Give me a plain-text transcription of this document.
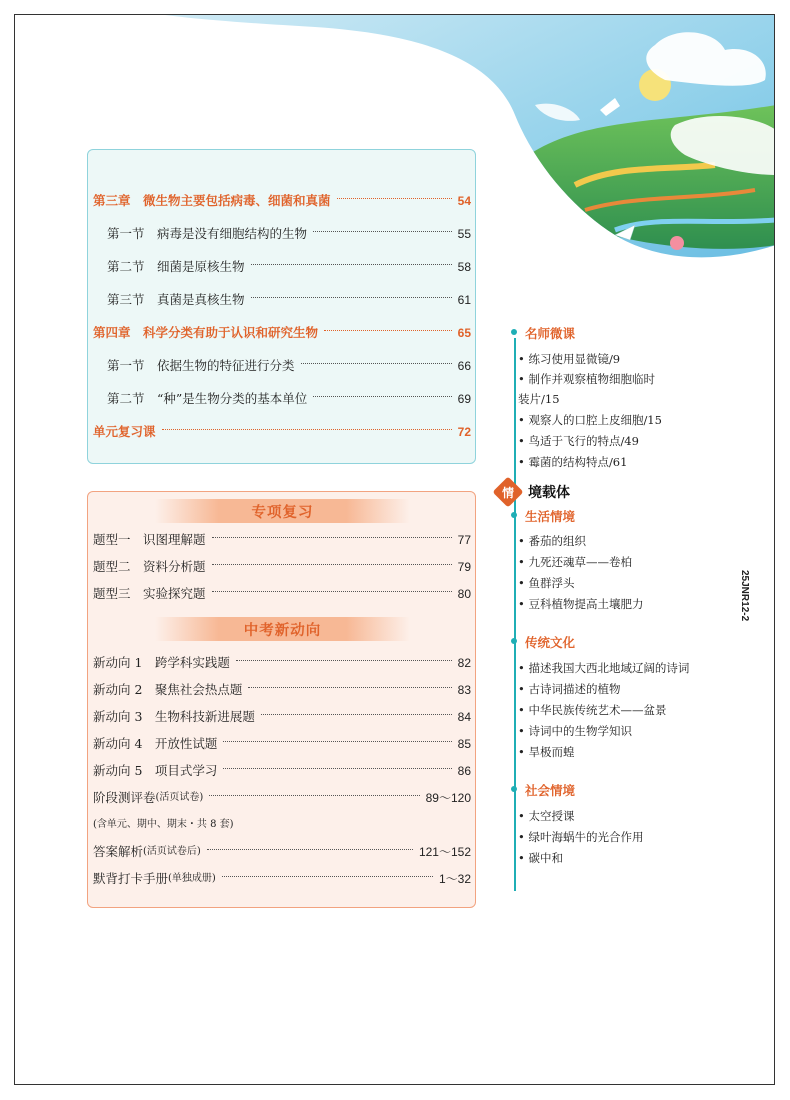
第三章　微生物主要包括病毒、细菌和真菌	54
第一节　病毒是没有细胞结构的生物	55
第二节　细菌是原核生物	58
第三节　真菌是真核生物	61
第四章　科学分类有助于认识和研究生物	65
第一节　依据生物的特征进行分类	66
第二节　“种”是生物分类的基本单位	69
单元复习课	72
专项复习
题型一　识图理解题	77
题型二　资料分析题	79
题型三　实验探究题	80
中考新动向
新动向 1　跨学科实践题	82
新动向 2　聚焦社会热点题	83
新动向 3　生物科技新进展题	84
新动向 4　开放性试题	85
新动向 5　项目式学习	86
阶段测评卷 (活页试卷)	89～120
(含单元、期中、期末・共 8 套)
答案解析 (活页试卷后)	121～152
默背打卡手册 (单独成册)	1～32
名师微课
• 练习使用显微镜/9
• 制作并观察植物细胞临时
装片/15
• 观察人的口腔上皮细胞/15
• 鸟适于飞行的特点/49
• 霉菌的结构特点/61
情	境载体
生活情境
• 番茄的组织
• 九死还魂草——卷柏
• 鱼群浮头
• 豆科植物提高土壤肥力
传统文化
• 描述我国大西北地域辽阔的诗词
• 古诗词描述的植物
• 中华民族传统艺术——盆景
• 诗词中的生物学知识
• 旱极而蝗
社会情境
• 太空授课
• 绿叶海蜗牛的光合作用
• 碳中和
25JNR12-2
